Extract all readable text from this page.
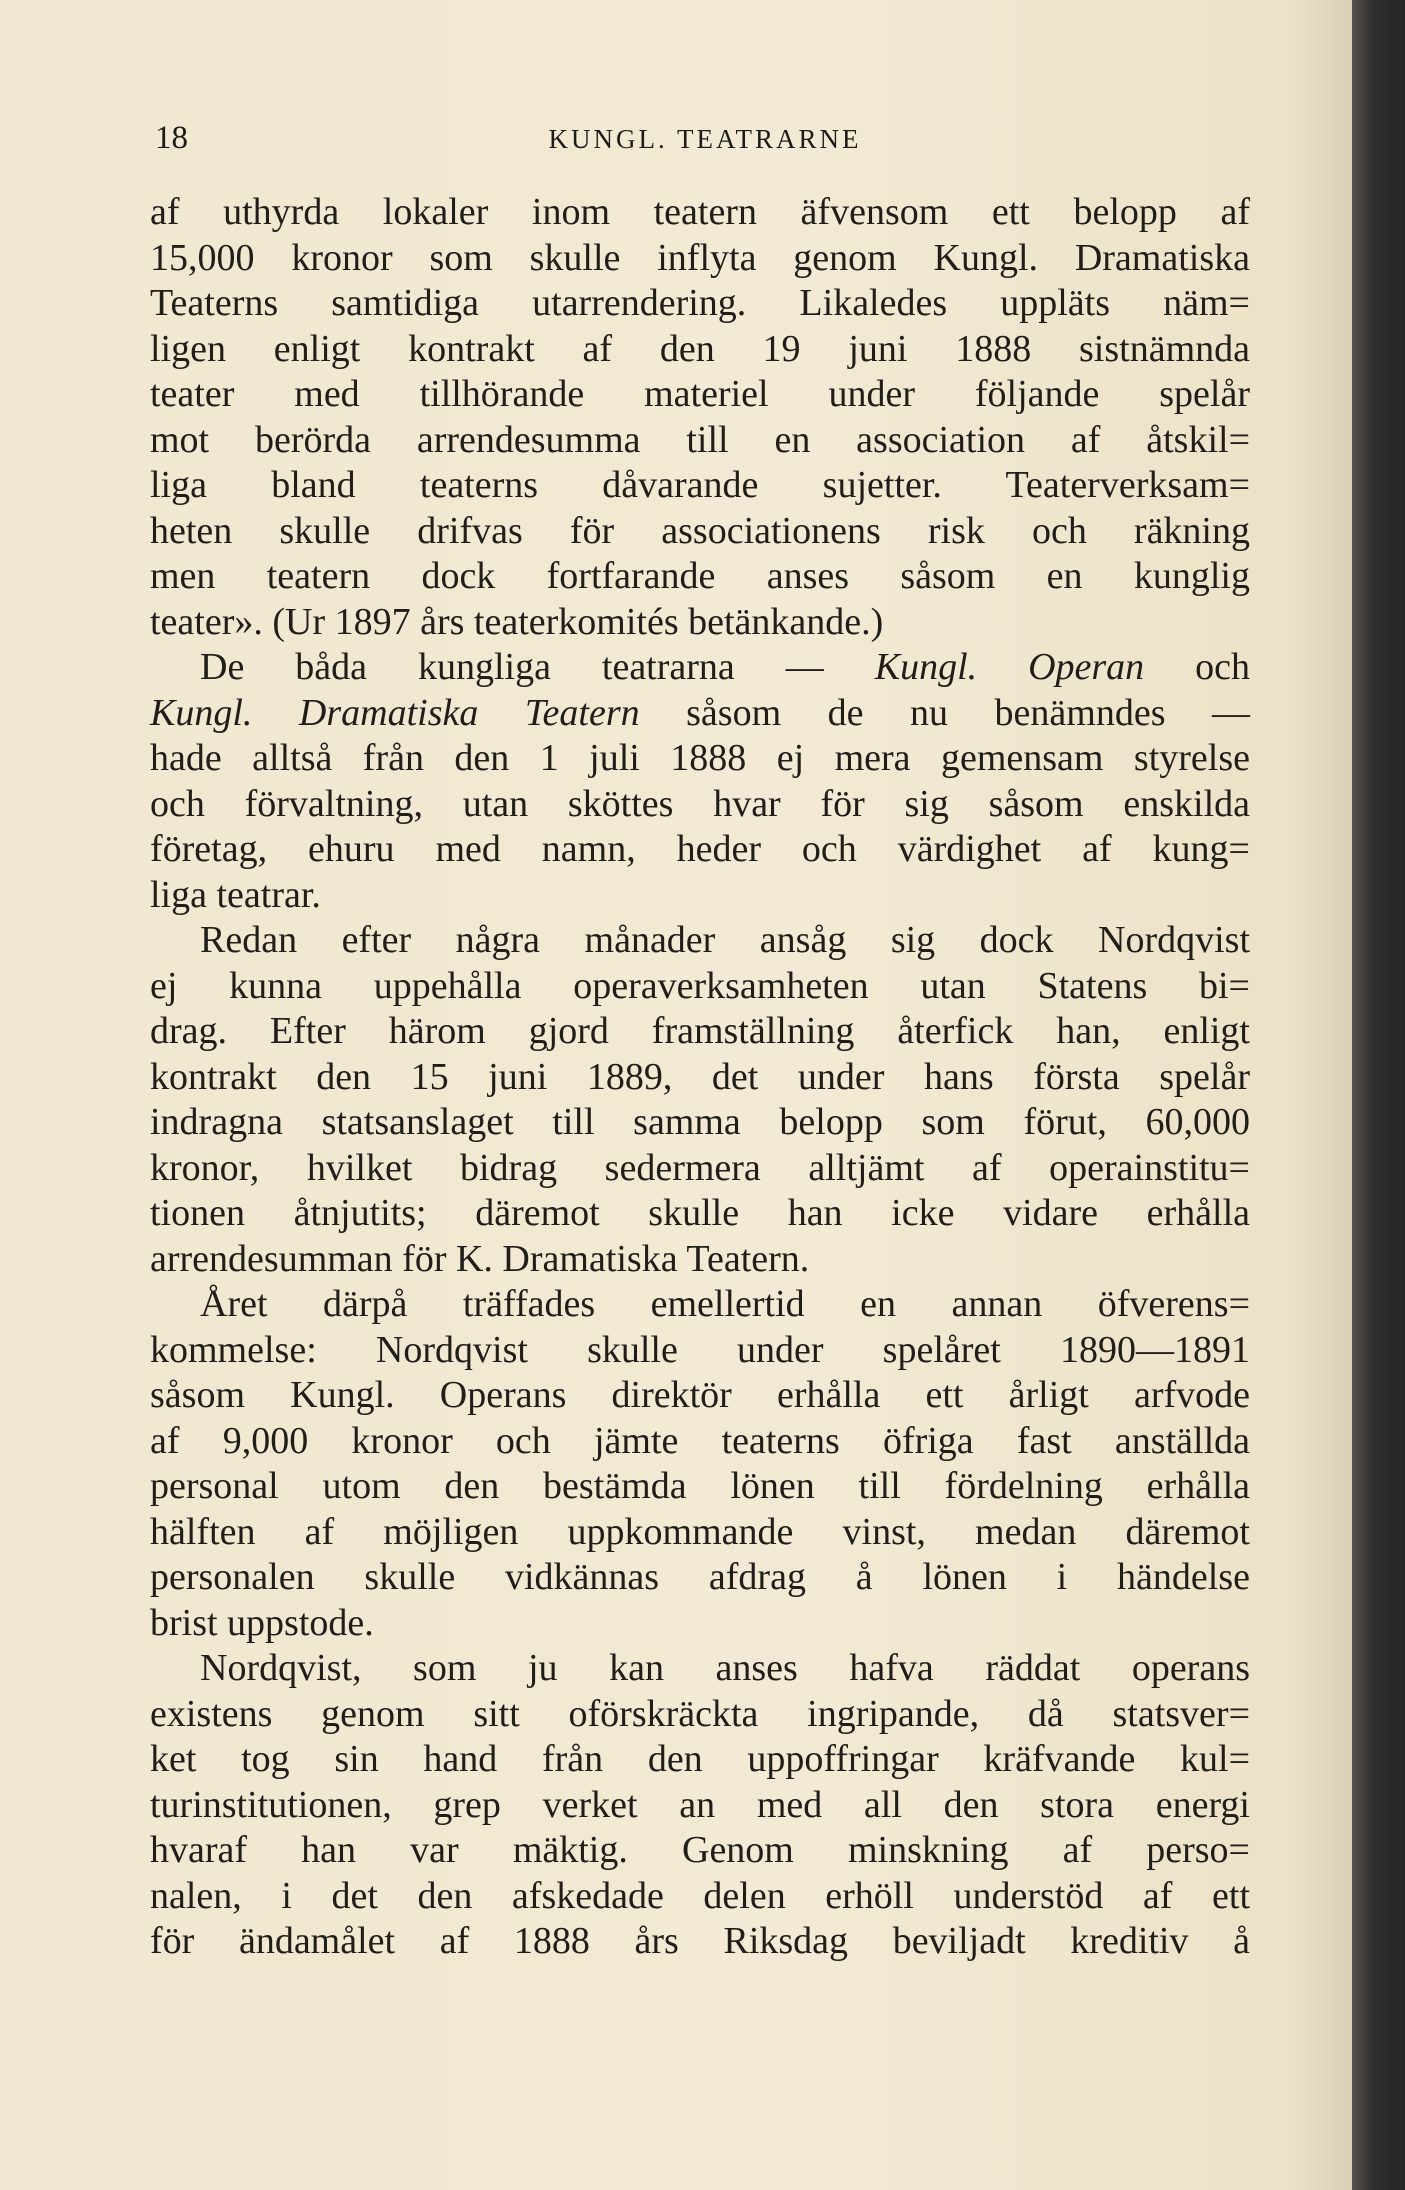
18	KUNGL. TEATRARNE
af uthyrda lokaler inom teatern äfvensom ett belopp af
15,000 kronor som skulle inflyta genom Kungl. Dramatiska
Teaterns samtidiga utarrendering. Likaledes uppläts näm=
ligen enligt kontrakt af den 19 juni 1888 sistnämnda
teater med tillhörande materiel under följande spelår
mot berörda arrendesumma till en association af åtskil=
liga bland teaterns dåvarande sujetter. Teaterverksam=
heten skulle drifvas för associationens risk och räkning
men teatern dock fortfarande anses såsom en kunglig
teater». (Ur 1897 års teaterkomités betänkande.)
De båda kungliga teatrarna — Kungl. Operan och
Kungl. Dramatiska Teatern såsom de nu benämndes —
hade alltså från den 1 juli 1888 ej mera gemensam styrelse
och förvaltning, utan sköttes hvar för sig såsom enskilda
företag, ehuru med namn, heder och värdighet af kung=
liga teatrar.
Redan efter några månader ansåg sig dock Nordqvist
ej kunna uppehålla operaverksamheten utan Statens bi=
drag. Efter härom gjord framställning återfick han, enligt
kontrakt den 15 juni 1889, det under hans första spelår
indragna statsanslaget till samma belopp som förut, 60,000
kronor, hvilket bidrag sedermera alltjämt af operainstitu=
tionen åtnjutits; däremot skulle han icke vidare erhålla
arrendesumman för K. Dramatiska Teatern.
Året därpå träffades emellertid en annan öfverens=
kommelse: Nordqvist skulle under spelåret 1890—1891
såsom Kungl. Operans direktör erhålla ett årligt arfvode
af 9,000 kronor och jämte teaterns öfriga fast anställda
personal utom den bestämda lönen till fördelning erhålla
hälften af möjligen uppkommande vinst, medan däremot
personalen skulle vidkännas afdrag å lönen i händelse
brist uppstode.
Nordqvist, som ju kan anses hafva räddat operans
existens genom sitt oförskräckta ingripande, då statsver=
ket tog sin hand från den uppoffringar kräfvande kul=
turinstitutionen, grep verket an med all den stora energi
hvaraf han var mäktig. Genom minskning af perso=
nalen, i det den afskedade delen erhöll understöd af ett
för ändamålet af 1888 års Riksdag beviljadt kreditiv å
